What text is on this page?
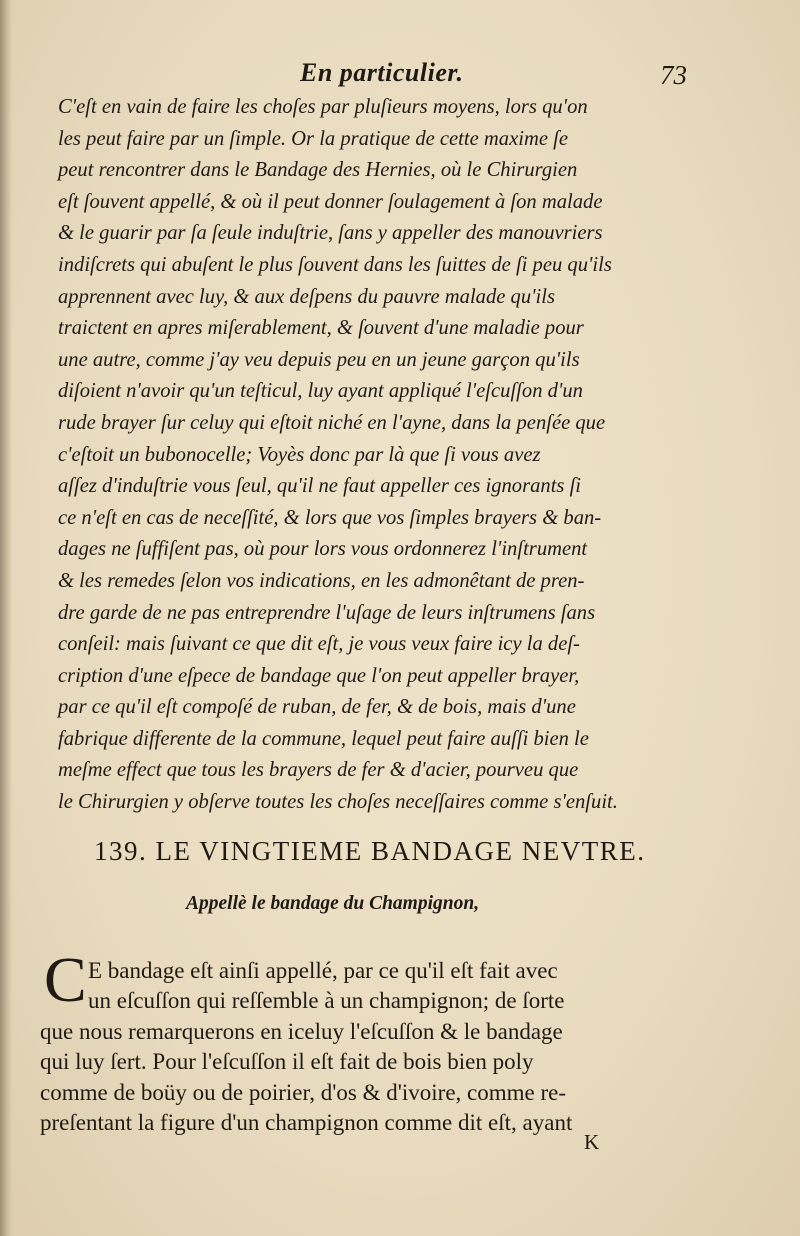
En particulier.	73
C'eſt en vain de faire les choſes par pluſieurs moyens, lors qu'on
les peut faire par un ſimple. Or la pratique de cette maxime ſe
peut rencontrer dans le Bandage des Hernies, où le Chirurgien
eſt ſouvent appellé, & où il peut donner ſoulagement à ſon malade
& le guarir par ſa ſeule induſtrie, ſans y appeller des manouvriers
indiſcrets qui abuſent le plus ſouvent dans les ſuittes de ſi peu qu'ils
apprennent avec luy, & aux deſpens du pauvre malade qu'ils
traictent en apres miſerablement, & ſouvent d'une maladie pour
une autre, comme j'ay veu depuis peu en un jeune garçon qu'ils
diſoient n'avoir qu'un teſticul, luy ayant appliqué l'eſcuſſon d'un
rude brayer ſur celuy qui eſtoit niché en l'ayne, dans la penſée que
c'eſtoit un bubonocelle; Voyès donc par là que ſi vous avez
aſſez d'induſtrie vous ſeul, qu'il ne faut appeller ces ignorants ſi
ce n'eſt en cas de neceſſité, & lors que vos ſimples brayers & ban-
dages ne ſuffiſent pas, où pour lors vous ordonnerez l'inſtrument
& les remedes ſelon vos indications, en les admonêtant de pren-
dre garde de ne pas entreprendre l'uſage de leurs inſtrumens ſans
conſeil: mais ſuivant ce que dit eſt, je vous veux faire icy la deſ-
cription d'une eſpece de bandage que l'on peut appeller brayer,
par ce qu'il eſt compoſé de ruban, de fer, & de bois, mais d'une
fabrique differente de la commune, lequel peut faire auſſi bien le
meſme effect que tous les brayers de fer & d'acier, pourveu que
le Chirurgien y obſerve toutes les choſes neceſſaires comme s'enſuit.
139. LE VINGTIEME BANDAGE NEVTRE.
Appellè le bandage du Champignon,
C E bandage eſt ainſi appellé, par ce qu'il eſt fait avec
un eſcuſſon qui reſſemble à un champignon; de ſorte
que nous remarquerons en iceluy l'eſcuſſon & le bandage
qui luy ſert. Pour l'eſcuſſon il eſt fait de bois bien poly
comme de boüy ou de poirier, d'os & d'ivoire, comme re-
preſentant la figure d'un champignon comme dit eſt, ayant
K
